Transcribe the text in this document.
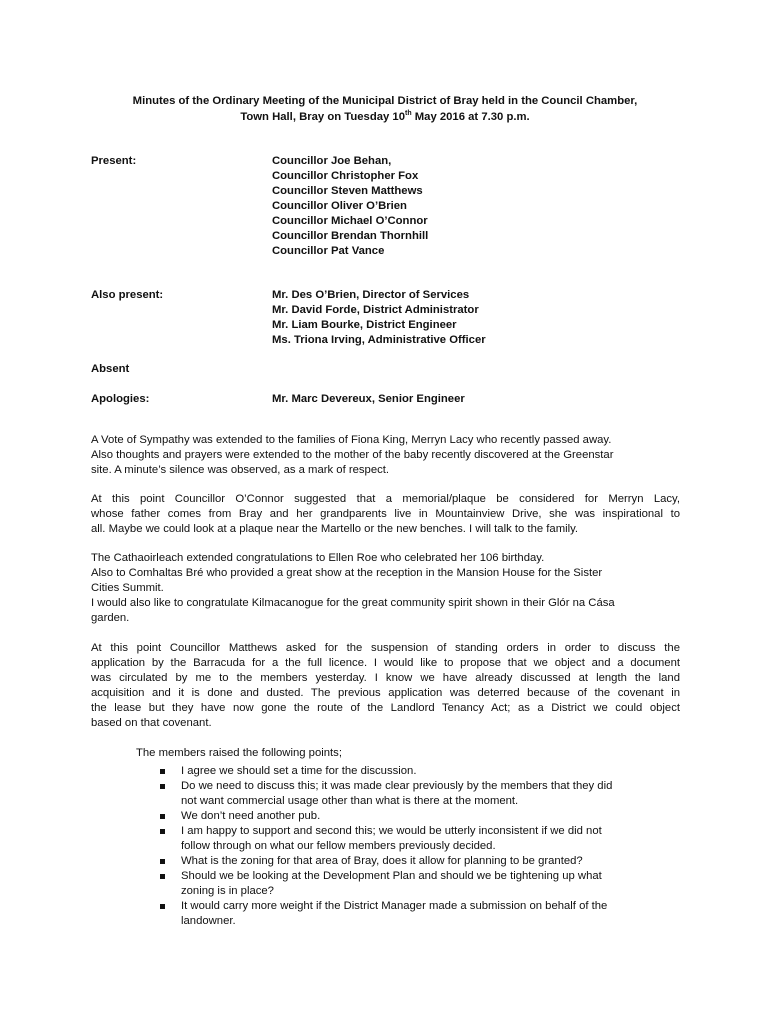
Minutes of the Ordinary Meeting of the Municipal District of Bray held in the Council Chamber,
Town Hall, Bray on Tuesday 10th May 2016 at 7.30 p.m.
Present:	Councillor Joe Behan,
Councillor Christopher Fox
Councillor Steven Matthews
Councillor Oliver O’Brien
Councillor Michael O’Connor
Councillor Brendan Thornhill
Councillor Pat Vance
Also present:	Mr. Des O’Brien, Director of Services
Mr. David Forde, District Administrator
Mr. Liam Bourke, District Engineer
Ms. Triona Irving, Administrative Officer
Absent
Apologies:	Mr. Marc Devereux, Senior Engineer
A Vote of Sympathy was extended to the families of Fiona King, Merryn Lacy who recently passed away.
Also thoughts and prayers were extended to the mother of the baby recently discovered at the Greenstar
site. A minute’s silence was observed, as a mark of respect.
At this point Councillor O’Connor suggested that a memorial/plaque be considered for Merryn Lacy,
whose father comes from Bray and her grandparents live in Mountainview Drive, she was inspirational to
all. Maybe we could look at a plaque near the Martello or the new benches. I will talk to the family.
The Cathaoirleach extended congratulations to Ellen Roe who celebrated her 106 birthday.
Also to Comhaltas Bré who provided a great show at the reception in the Mansion House for the Sister
Cities Summit.
I would also like to congratulate Kilmacanogue for the great community spirit shown in their Glór na Cása
garden.
At this point Councillor Matthews asked for the suspension of standing orders in order to discuss the
application by the Barracuda for a the full licence. I would like to propose that we object and a document
was circulated by me to the members yesterday. I know we have already discussed at length the land
acquisition and it is done and dusted. The previous application was deterred because of the covenant in
the lease but they have now gone the route of the Landlord Tenancy Act; as a District we could object
based on that covenant.
The members raised the following points;
I agree we should set a time for the discussion.
Do we need to discuss this; it was made clear previously by the members that they did
not want commercial usage other than what is there at the moment.
We don’t need another pub.
I am happy to support and second this; we would be utterly inconsistent if we did not
follow through on what our fellow members previously decided.
What is the zoning for that area of Bray, does it allow for planning to be granted?
Should we be looking at the Development Plan and should we be tightening up what
zoning is in place?
It would carry more weight if the District Manager made a submission on behalf of the
landowner.
